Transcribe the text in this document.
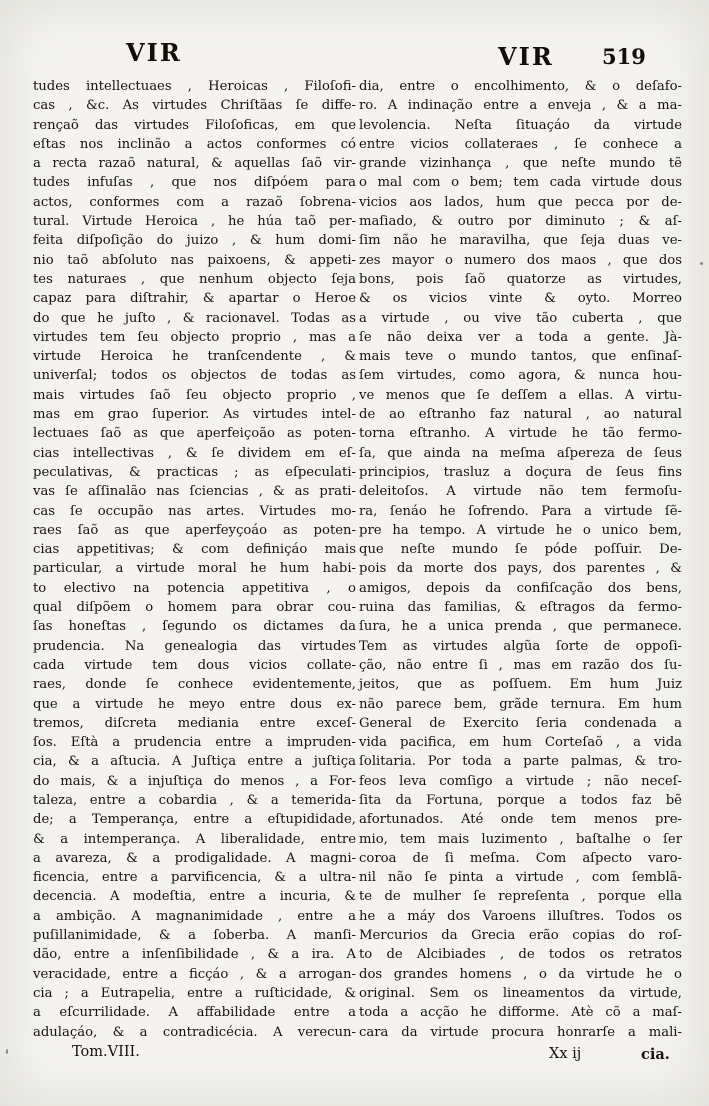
VIR	VIR 519
tudes intellectuaes , Heroicas , Filoſofi-
cas , &c. As virtudes Chriſtãas ſe diffe-
rençaõ das virtudes Filoſoficas, em que
eſtas nos inclinão a actos conformes có
a recta razaõ natural, & aquellas ſaõ vir-
tudes infuſas , que nos diſpóem para
actos, conformes com a razaõ ſobrena-
tural. Virtude Heroica , he húa taõ per-
feita diſpoſição do juizo , & hum domi-
nio taõ abſoluto nas paixoens, & appeti-
tes naturaes , que nenhum objecto ſeja
capaz para diſtrahir, & apartar o Heroe
do que he juſto , & racionavel. Todas as
virtudes tem ſeu objecto proprio , mas a
virtude Heroica he tranſcendente , &
univerſal; todos os objectos de todas as
mais virtudes ſaõ ſeu objecto proprio ,
mas em grao ſuperior. As virtudes intel-
lectuaes ſaõ as que aperfeiçoão as poten-
cias intellectivas , & ſe dividem em eſ-
peculativas, & practicas ; as eſpeculati-
vas ſe aſſinalão nas ſciencias , & as prati-
cas ſe occupão nas artes. Virtudes mo-
raes ſaõ as que aperfeyçoáo as poten-
cias appetitivas; & com definiçáo mais
particular, a virtude moral he hum habi-
to electivo na potencia appetitiva , o
qual diſpõem o homem para obrar cou-
ſas honeſtas , ſegundo os dictames da
prudencia. Na genealogia das virtudes
cada virtude tem dous vicios collate-
raes, donde ſe conhece evidentemente,
que a virtude he meyo entre dous ex-
tremos, diſcreta mediania entre exceſ-
ſos. Eſtà a prudencia entre a impruden-
cia, & a aſtucia. A Juſtiça entre a juſtiça
do mais, & a injuſtiça do menos , a For-
taleza, entre a cobardia , & a temerida-
de; a Temperança, entre a eſtupididade,
& a intemperança. A liberalidade, entre
a avareza, & a prodigalidade. A magni-
ficencia, entre a parvificencia, & a ultra-
decencia. A modeſtia, entre a incuria, &
a ambição. A magnanimidade , entre a
puſillanimidade, & a ſoberba. A manſi-
dão, entre a inſenſibilidade , & a ira. A
veracidade, entre a ficçáo , & a arrogan-
cia ; a Eutrapelia, entre a ruſticidade, &
a eſcurrilidade. A affabilidade entre a
adulaçáo, & a contradicécia. A verecun-
dia, entre o encolhimento, & o deſafo-
ro. A indinação entre a enveja , & a ma-
levolencia. Neſta ſituaçáo da virtude
entre vicios collateraes , ſe conhece a
grande vizinhança , que neſte mundo tẽ
o mal com o bem; tem cada virtude dous
vicios aos lados, hum que pecca por de-
maſiado, & outro por diminuto ; & aſ-
ſim não he maravilha, que ſeja duas ve-
zes mayor o numero dos maos , que dos
bons, pois ſaõ quatorze as virtudes,
& os vicios vinte & oyto. Morreo
a virtude , ou vive tão cuberta , que
ſe não deixa ver a toda a gente. Jà-
mais teve o mundo tantos, que enſinaſ-
ſem virtudes, como agora, & nunca hou-
ve menos que ſe deſſem a ellas. A virtu-
de ao eſtranho faz natural , ao natural
torna eſtranho. A virtude he tão fermo-
ſa, que ainda na meſma aſpereza de ſeus
principios, trasluz a doçura de ſeus fins
deleitoſos. A virtude não tem fermoſu-
ra, ſenáo he ſofrendo. Para a virtude ſẽ-
pre ha tempo. A virtude he o unico bem,
que neſte mundo ſe póde poſſuir. De-
pois da morte dos pays, dos parentes , &
amigos, depois da confiſcação dos bens,
ruina das familias, & eſtragos da fermo-
ſura, he a unica prenda , que permanece.
Tem as virtudes algũa ſorte de oppoſi-
ção, não entre ſi , mas em razão dos ſu-
jeitos, que as poſſuem. Em hum Juiz
não parece bem, grãde ternura. Em hum
General de Exercito ſeria condenada a
vida pacifica, em hum Corteſaõ , a vida
ſolitaria. Por toda a parte palmas, & tro-
feos leva comſigo a virtude ; não neceſ-
ſita da Fortuna, porque a todos faz bẽ
afortunados. Até onde tem menos pre-
mio, tem mais luzimento , baſtalhe o ſer
coroa de ſi meſma. Com aſpecto varo-
nil não ſe pinta a virtude , com ſemblã-
te de mulher ſe repreſenta , porque ella
he a máy dos Varoens illuſtres. Todos os
Mercurios da Grecia erão copias do roſ-
to de Alcibiades , de todos os retratos
dos grandes homens , o da virtude he o
original. Sem os lineamentos da virtude,
toda a acção he difforme. Atè cõ a maſ-
cara da virtude procura honrarſe a mali-
Tom.VIII.	Xx ij	cia.
